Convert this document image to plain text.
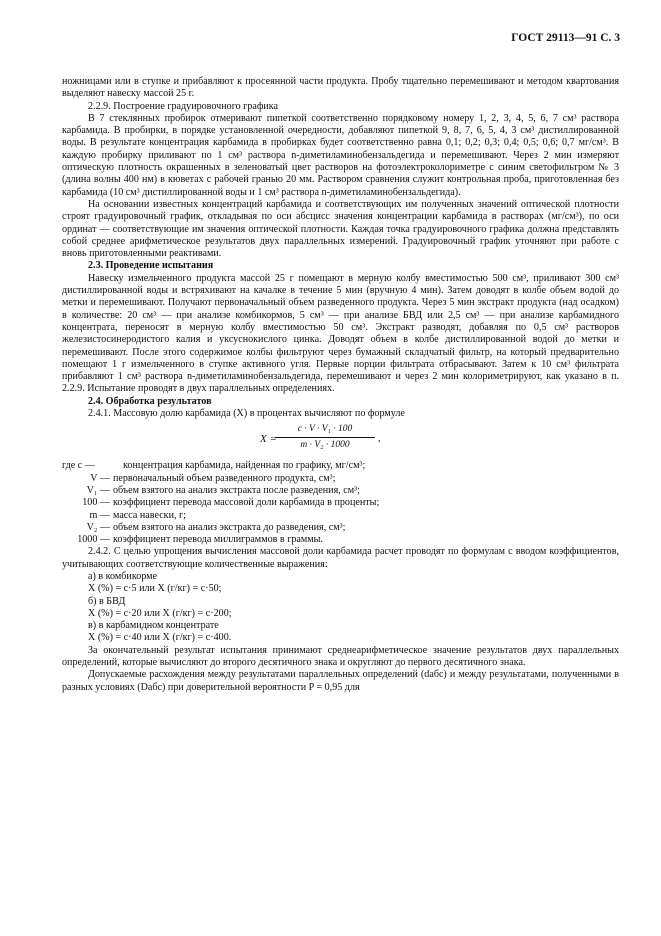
ГОСТ 29113—91 С. 3

ножницами или в ступке и прибавляют к просеянной части продукта. Пробу тщательно перемешивают и методом квартования выделяют навеску массой 25 г.

2.2.9. Построение градуировочного графика

В 7 стеклянных пробирок отмеривают пипеткой соответственно порядковому номеру 1, 2, 3, 4, 5, 6, 7 см³ раствора карбамида. В пробирки, в порядке установленной очередности, добавляют пипеткой 9, 8, 7, 6, 5, 4, 3 см³ дистиллированной воды. В результате концентрация карбамида в пробирках будет соответственно равна 0,1; 0,2; 0,3; 0,4; 0,5; 0,6; 0,7 мг/см³. В каждую пробирку приливают по 1 см³ раствора n-диметиламинобензальдегида и перемешивают. Через 2 мин измеряют оптическую плотность окрашенных в зеленоватый цвет растворов на фотоэлектроколориметре с синим светофильтром № 3 (длина волны 400 нм) в кюветах с рабочей гранью 20 мм. Раствором сравнения служит контрольная проба, приготовленная без карбамида (10 см³ дистиллированной воды и 1 см³ раствора n-диметиламинобензальдегида).

На основании известных концентраций карбамида и соответствующих им полученных значений оптической плотности строят градуировочный график, откладывая по оси абсцисс значения концентрации карбамида в растворах (мг/см³), по оси ординат — соответствующие им значения оптической плотности. Каждая точка градуировочного графика должна представлять собой среднее арифметическое результатов двух параллельных измерений. Градуировочный график уточняют при работе с вновь приготовленными реактивами.

2.3. Проведение испытания

Навеску измельченного продукта массой 25 г помещают в мерную колбу вместимостью 500 см³, приливают 300 см³ дистиллированной воды и встряхивают на качалке в течение 5 мин (вручную 4 мин). Затем доводят в колбе объем водой до метки и перемешивают. Получают первоначальный объем разведенного продукта. Через 5 мин экстракт продукта (над осадком) в количестве: 20 см³ — при анализе комбикормов, 5 см³ — при анализе БВД или 2,5 см³ — при анализе карбамидного концентрата, переносят в мерную колбу вместимостью 50 см³. Экстракт разводят, добавляя по 0,5 см³ растворов железистосинеродистого калия и уксуснокислого цинка. Доводят объем в колбе дистиллированной водой до метки и перемешивают. После этого содержимое колбы фильтруют через бумажный складчатый фильтр, на который предварительно помещают 1 г измельченного в ступке активного угля. Первые порции фильтрата отбрасывают. Затем к 10 см³ фильтрата прибавляют 1 см³ раствора n-диметиламинобензальдегида, перемешивают и через 2 мин колориметрируют, как указано в п. 2.2.9. Испытание проводят в двух параллельных определениях.

2.4. Обработка результатов

2.4.1. Массовую долю карбамида (X) в процентах вычисляют по формуле

X =
$\frac{\text{c · V · V₁ · 100}}{\text{m · V₂ · 1000}}$ ,
где c —	концентрация карбамида, найденная по графику, мг/см³;
V — первоначальный объем разведенного продукта, см³;
V₁ — объем взятого на анализ экстракта после разведения, см³;
100 — коэффициент перевода массовой доли карбамида в проценты;
m — масса навески, г;
V₂ — объем взятого на анализ экстракта до разведения, см³;
1000 — коэффициент перевода миллиграммов в граммы.

2.4.2. С целью упрощения вычисления массовой доли карбамида расчет проводят по формулам с вводом коэффициентов, учитывающих соответствующие количественные выражения:

а) в комбикорме

X (%) = c·5 или X (г/кг) = c·50;

б) в БВД

X (%) = c·20 или X (г/кг) = c·200;

в) в карбамидном концентрате

X (%) = c·40 или X (г/кг) = c·400.

За окончательный результат испытания принимают среднеарифметическое значение результатов двух параллельных определений, которые вычисляют до второго десятичного знака и округляют до первого десятичного знака.

Допускаемые расхождения между результатами параллельных определений (dабс) и между результатами, полученными в разных условиях (Dабс) при доверительной вероятности P = 0,95 для
